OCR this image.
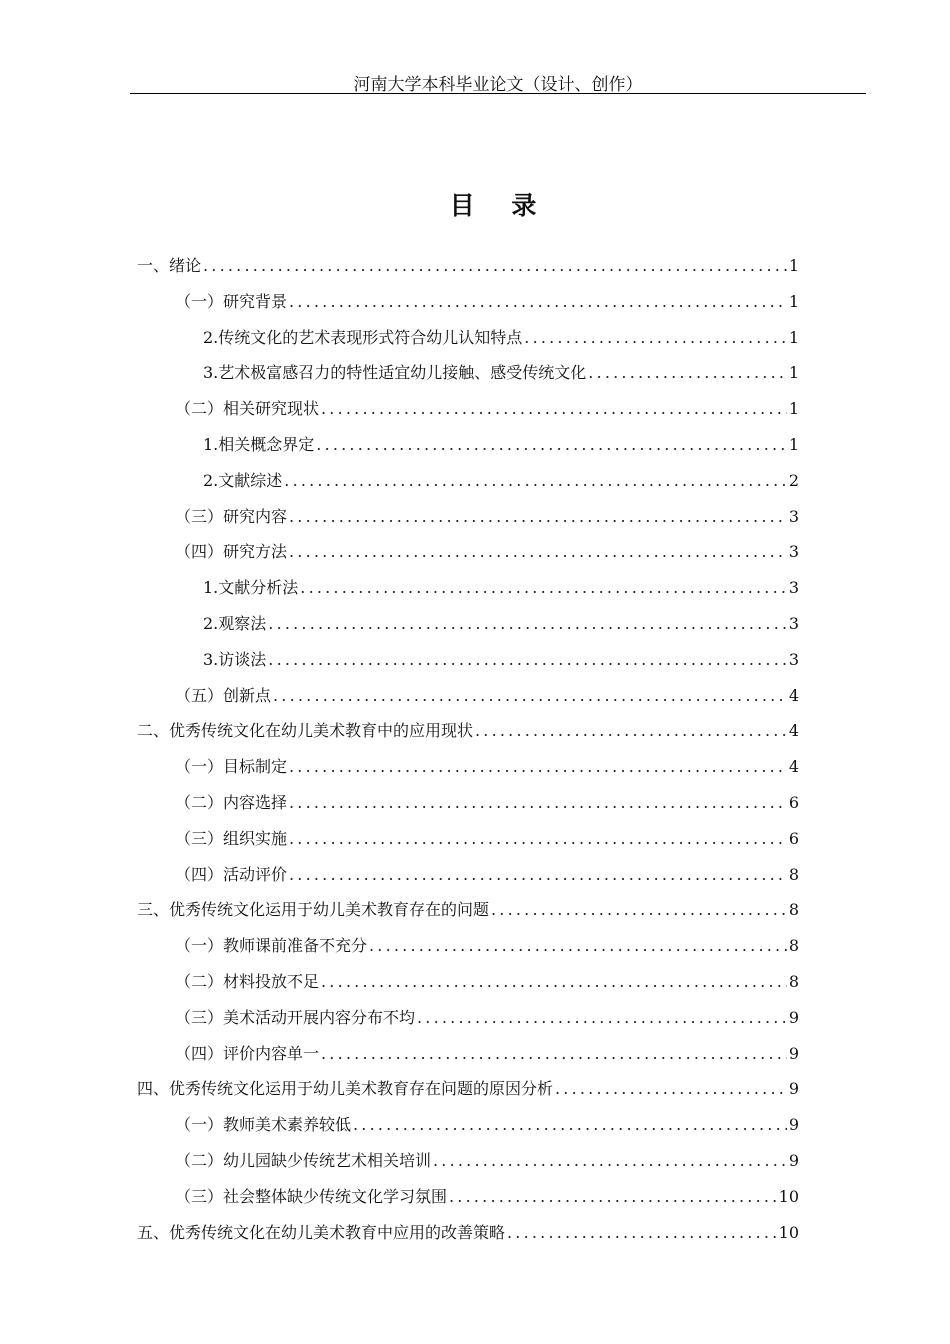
河南大学本科毕业论文（设计、创作）
目 录
一、绪论 .....	1
（一）研究背景 .....	1
2.传统文化的艺术表现形式符合幼儿认知特点 .....	1
3.艺术极富感召力的特性适宜幼儿接触、感受传统文化 .....	1
（二）相关研究现状 .....	1
1.相关概念界定 .....	1
2.文献综述 .....	2
（三）研究内容 .....	3
（四）研究方法 .....	3
1.文献分析法 .....	3
2.观察法 .....	3
3.访谈法 .....	3
（五）创新点 .....	4
二、优秀传统文化在幼儿美术教育中的应用现状 .....	4
（一）目标制定 .....	4
（二）内容选择 .....	6
（三）组织实施 .....	6
（四）活动评价 .....	8
三、优秀传统文化运用于幼儿美术教育存在的问题 .....	8
（一）教师课前准备不充分 .....	8
（二）材料投放不足 .....	8
（三）美术活动开展内容分布不均 .....	9
（四）评价内容单一 .....	9
四、优秀传统文化运用于幼儿美术教育存在问题的原因分析 .....	9
（一）教师美术素养较低 .....	9
（二）幼儿园缺少传统艺术相关培训 .....	9
（三）社会整体缺少传统文化学习氛围 .....	10
五、优秀传统文化在幼儿美术教育中应用的改善策略 .....	10
